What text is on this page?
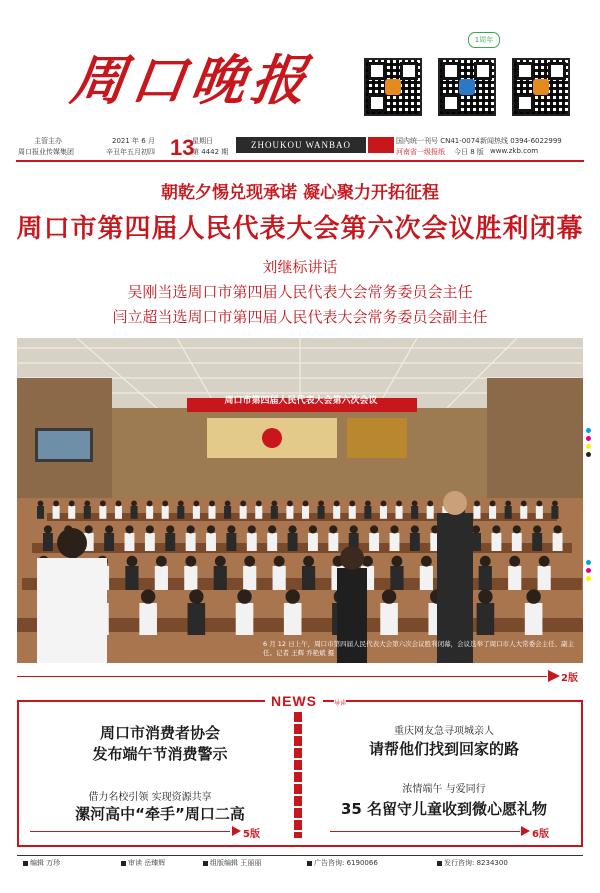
周口晚报
1周年
主管主办
周口报业传媒集团
2021 年 6 月
辛丑年五月初四
星期日
第 4442 期
国内统一刊号 CN41-0074 新闻热线 0394-6022999
河南省一级报纸 今日 8 版 www.zkb.com
13	ZHOUKOU WANBAO
朝乾夕惕兑现承诺 凝心聚力开拓征程
周口市第四届人民代表大会第六次会议胜利闭幕
刘继标讲话
吴刚当选周口市第四届人民代表大会常务委员会主任
闫立超当选周口市第四届人民代表大会常务委员会副主任
周口市第四届人民代表大会第六次会议
6 月 12 日上午，周口市第四届人民代表大会第六次会议胜利闭幕，会议选举了周口市人大常委会主任、副主任。记者 王辉 乔艳斌 摄
2版
NEWS	导读
周口市消费者协会
发布端午节消费警示
借力名校引领 实现资源共享
漯河高中“牵手”周口二高
5版
重庆网友急寻项城亲人
请帮他们找到回家的路
浓情端午 与爱同行
35 名留守儿童收到微心愿礼物
6版
编辑 万珍	审读 岳臻辉	组版编辑 王丽丽	广告咨询: 6190066	发行咨询: 8234300
